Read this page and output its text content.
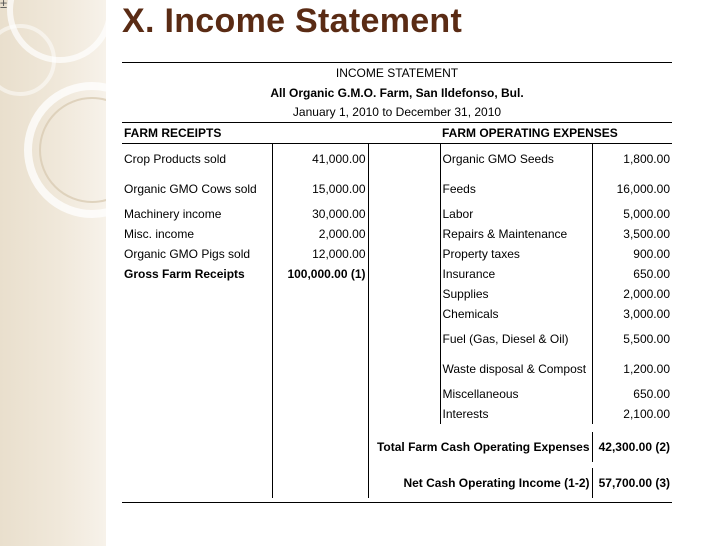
±	X. Income Statement
INCOME STATEMENT
All Organic G.M.O. Farm, San Ildefonso, Bul.
January 1, 2010 to December 31, 2010
FARM RECEIPTS			FARM OPERATING EXPENSES	
Crop Products sold	41,000.00		Organic GMO Seeds	1,800.00
Organic GMO Cows sold	15,000.00		Feeds	16,000.00
Machinery income	30,000.00		Labor	5,000.00
Misc. income	2,000.00		Repairs & Maintenance	3,500.00
Organic GMO Pigs sold	12,000.00		Property taxes	900.00
Gross Farm Receipts	100,000.00 (1)		Insurance	650.00
			Supplies	2,000.00
			Chemicals	3,000.00
			Fuel (Gas, Diesel & Oil)	5,500.00
			Waste disposal & Compost	1,200.00
			Miscellaneous	650.00
			Interests	2,100.00

		Total Farm Cash Operating Expenses		42,300.00 (2)

		Net Cash Operating Income (1-2)		57,700.00 (3)
